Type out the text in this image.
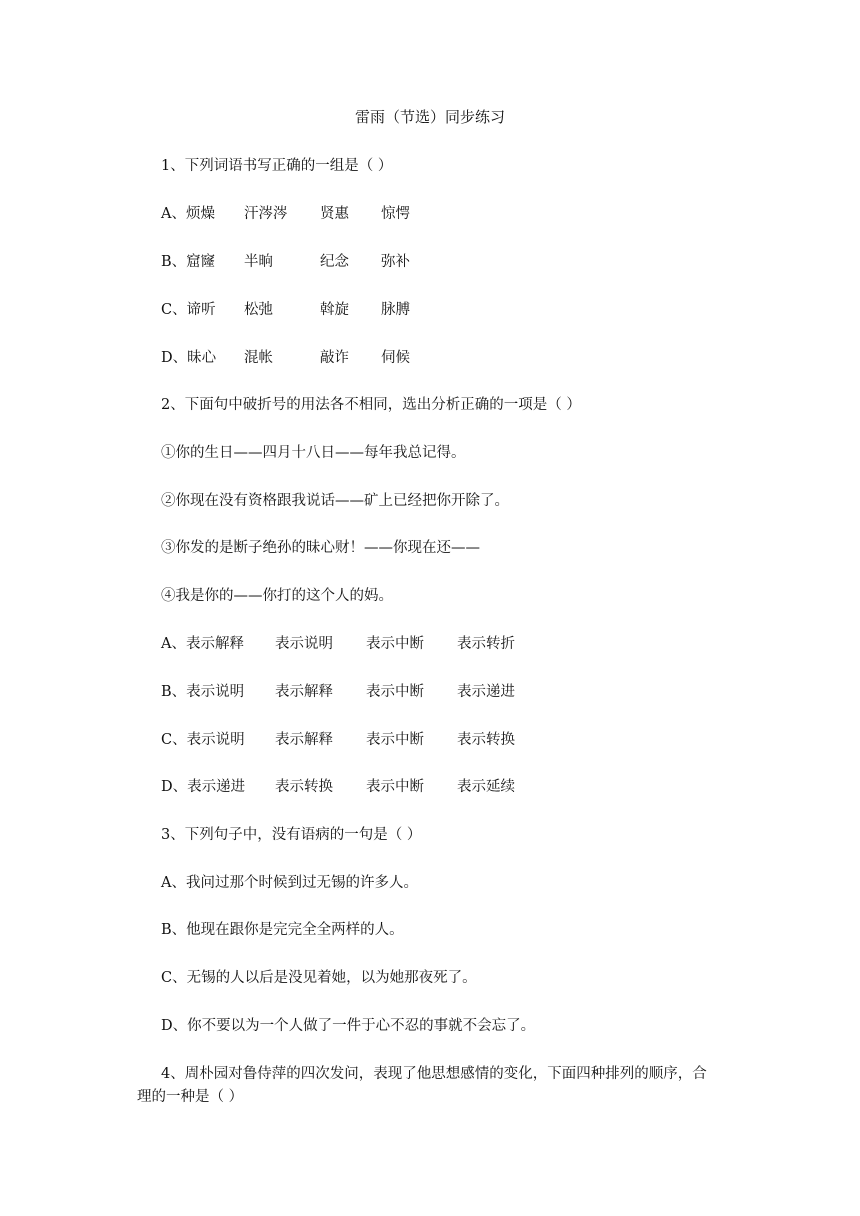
雷雨（节选）同步练习
1、下列词语书写正确的一组是（ ）
A、烦燥 汗涔涔 贤惠 惊愕
B、窟窿 半晌	纪念 弥补
C、谛听 松弛	斡旋 脉膊
D、昧心 混帐	敲诈 伺候
2、下面句中破折号的用法各不相同，选出分析正确的一项是（ ）
①你的生日——四月十八日——每年我总记得。
②你现在没有资格跟我说话——矿上已经把你开除了。
③你发的是断子绝孙的昧心财！——你现在还——
④我是你的——你打的这个人的妈。
A、表示解释 表示说明 表示中断 表示转折
B、表示说明 表示解释 表示中断 表示递进
C、表示说明 表示解释 表示中断 表示转换
D、表示递进 表示转换 表示中断 表示延续
3、下列句子中，没有语病的一句是（ ）
A、我问过那个时候到过无锡的许多人。
B、他现在跟你是完完全全两样的人。
C、无锡的人以后是没见着她，以为她那夜死了。
D、你不要以为一个人做了一件于心不忍的事就不会忘了。
4、周朴园对鲁侍萍的四次发问，表现了他思想感情的变化，下面四种排列的顺序，合
理的一种是（ ）
